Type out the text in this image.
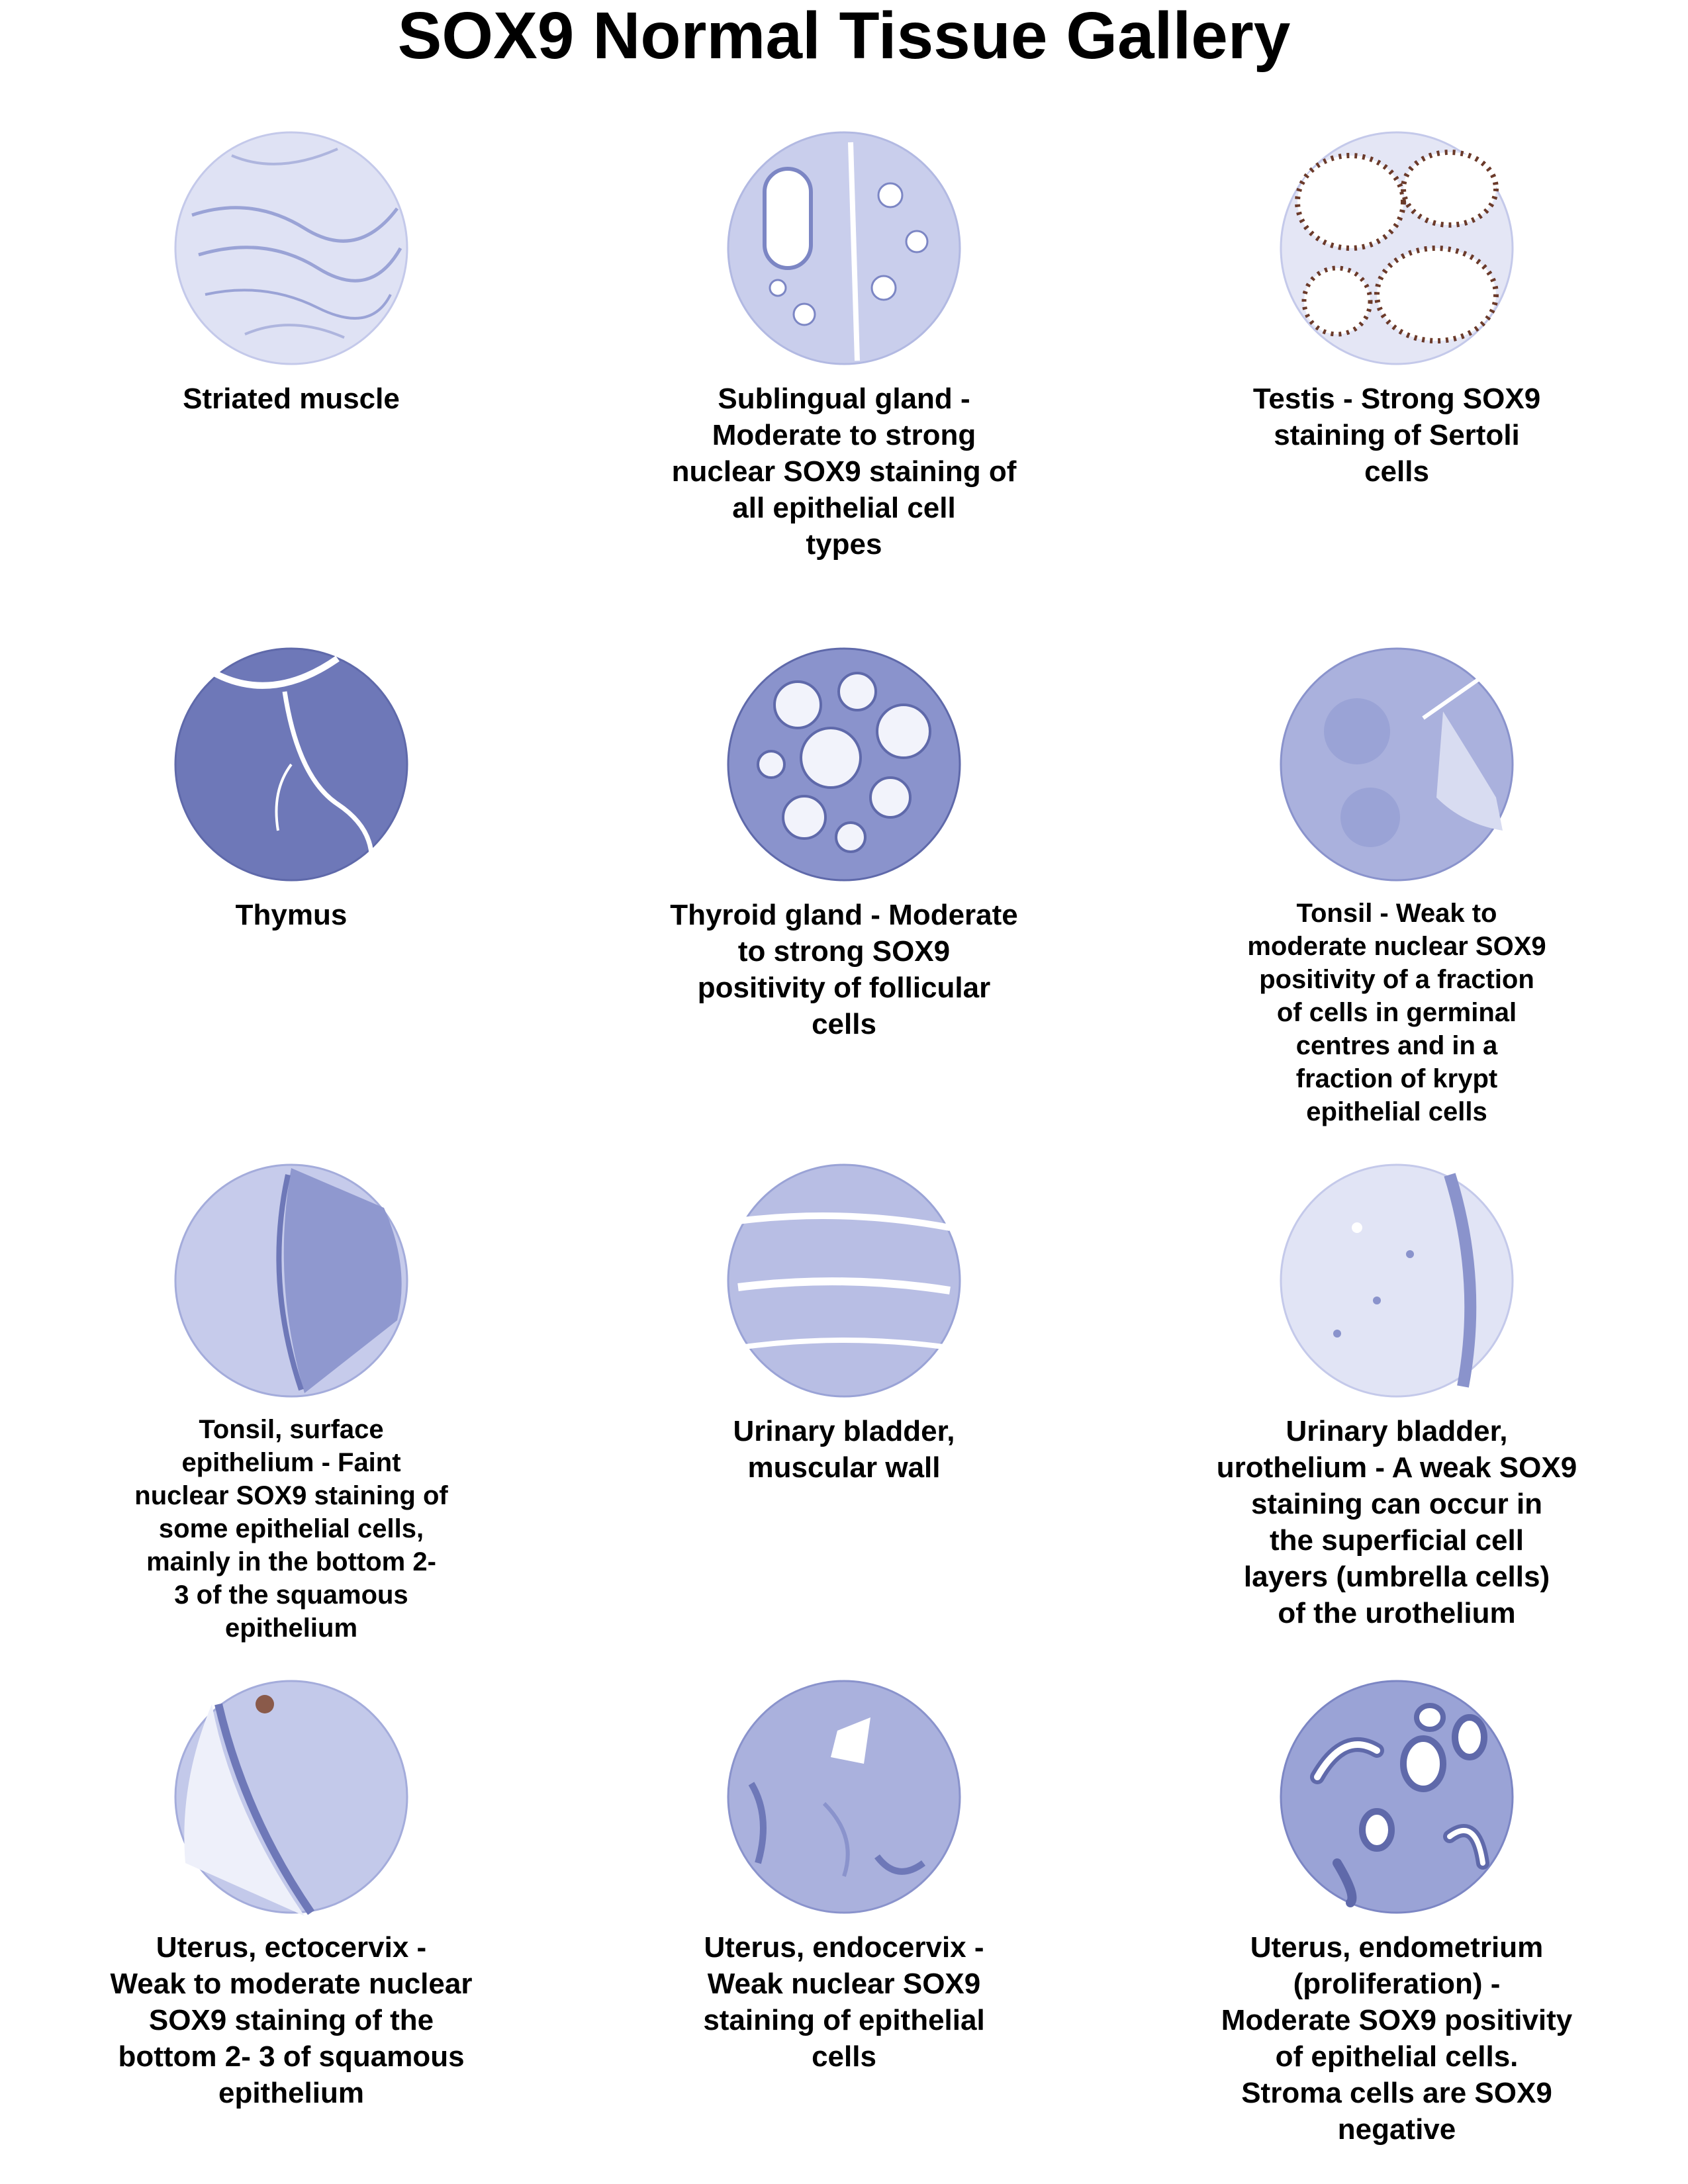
SOX9 Normal Tissue Gallery
Striated muscle	Sublingual gland -
Moderate to strong
nuclear SOX9 staining of
all epithelial cell
types
Testis - Strong SOX9
staining of Sertoli
cells
Thymus	Thyroid gland - Moderate
to strong SOX9
positivity of follicular
cells
Tonsil - Weak to
moderate nuclear SOX9
positivity of a fraction
of cells in germinal
centres and in a
fraction of krypt
epithelial cells
Tonsil, surface
epithelium - Faint
nuclear SOX9 staining of
some epithelial cells,
mainly in the bottom 2-
3 of the squamous
epithelium
Urinary bladder,
muscular wall
Urinary bladder,
urothelium - A weak SOX9
staining can occur in
the superficial cell
layers (umbrella cells)
of the urothelium
Uterus, ectocervix -
Weak to moderate nuclear
SOX9 staining of the
bottom 2- 3 of squamous
epithelium
Uterus, endocervix -
Weak nuclear SOX9
staining of epithelial
cells
Uterus, endometrium
(proliferation) -
Moderate SOX9 positivity
of epithelial cells.
Stroma cells are SOX9
negative
